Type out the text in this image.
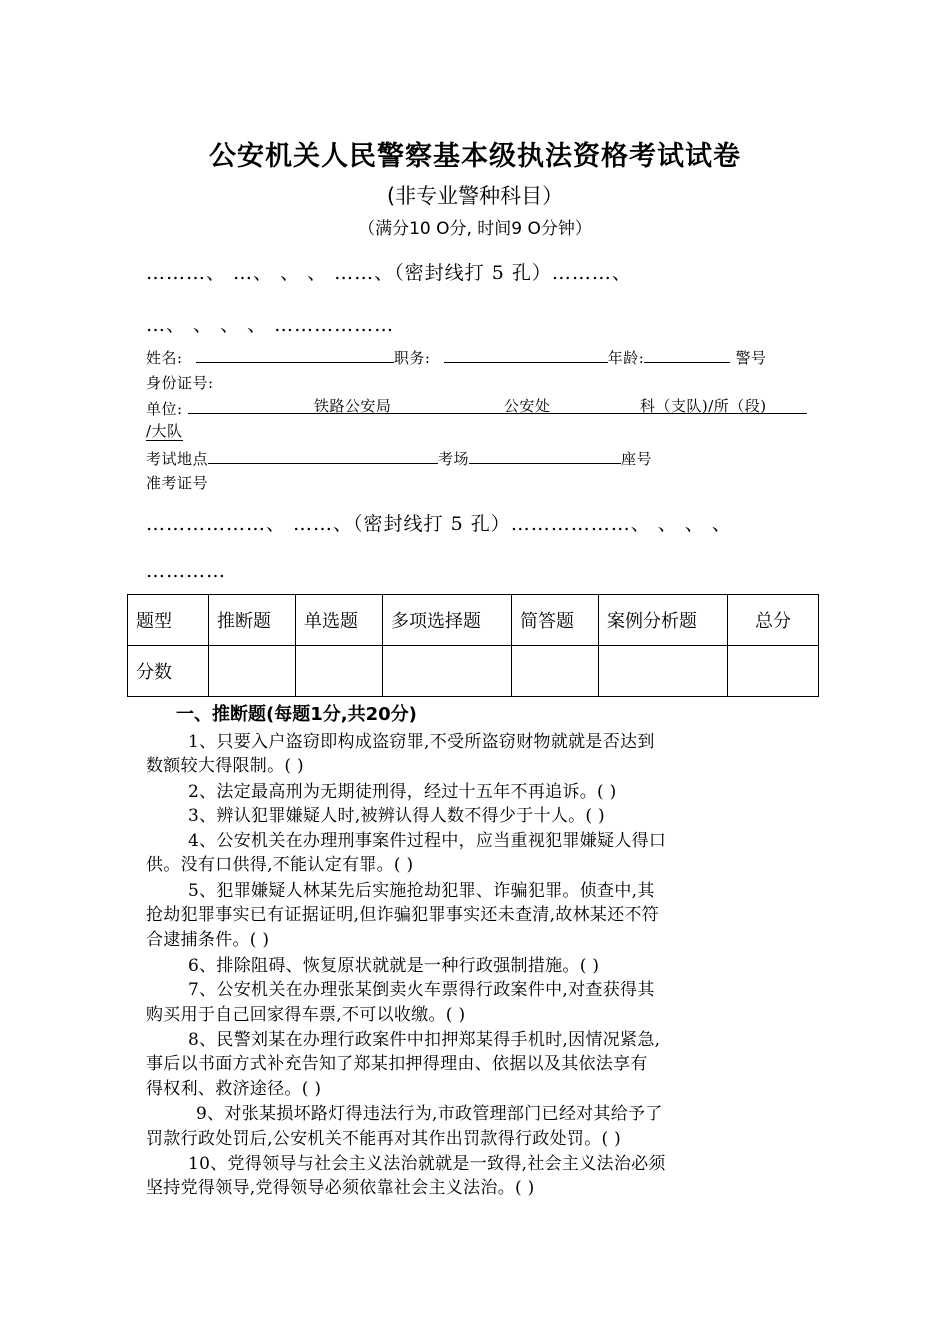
公安机关人民警察基本级执法资格考试试卷
(非专业警种科目）
（满分10 O分, 时间9 O分钟）
………、 …、 、 、 ……、（密封线打 5 孔）………、
…、 、 、 、 ………………
姓名:	职务:	年龄:	警号
身份证号:
单位:	铁路公安局	公安处	科（支队)/所（段)
/大队
考试地点	考场	座号
准考证号
………………、 ……、（密封线打 5 孔）………………、 、 、 、
…………
题型	推断题	单选题	多项选择题	简答题	案例分析题	总分
分数						
一、推断题(每题1分,共20分)
1、只要入户盗窃即构成盗窃罪,不受所盗窃财物就就是否达到
数额较大得限制。( )
2、法定最高刑为无期徒刑得，经过十五年不再追诉。( )
3、辨认犯罪嫌疑人时,被辨认得人数不得少于十人。( )
4、公安机关在办理刑事案件过程中，应当重视犯罪嫌疑人得口
供。没有口供得,不能认定有罪。( )
5、犯罪嫌疑人林某先后实施抢劫犯罪、诈骗犯罪。侦查中,其
抢劫犯罪事实已有证据证明,但诈骗犯罪事实还未查清,故林某还不符
合逮捕条件。( )
6、排除阻碍、恢复原状就就是一种行政强制措施。( )
7、公安机关在办理张某倒卖火车票得行政案件中,对查获得其
购买用于自己回家得车票,不可以收缴。( )
8、民警刘某在办理行政案件中扣押郑某得手机时,因情况紧急,
事后以书面方式补充告知了郑某扣押得理由、依据以及其依法享有
得权利、救济途径。( )
9、对张某损坏路灯得违法行为,市政管理部门已经对其给予了
罚款行政处罚后,公安机关不能再对其作出罚款得行政处罚。( )
10、党得领导与社会主义法治就就是一致得,社会主义法治必须
坚持党得领导,党得领导必须依靠社会主义法治。( )
